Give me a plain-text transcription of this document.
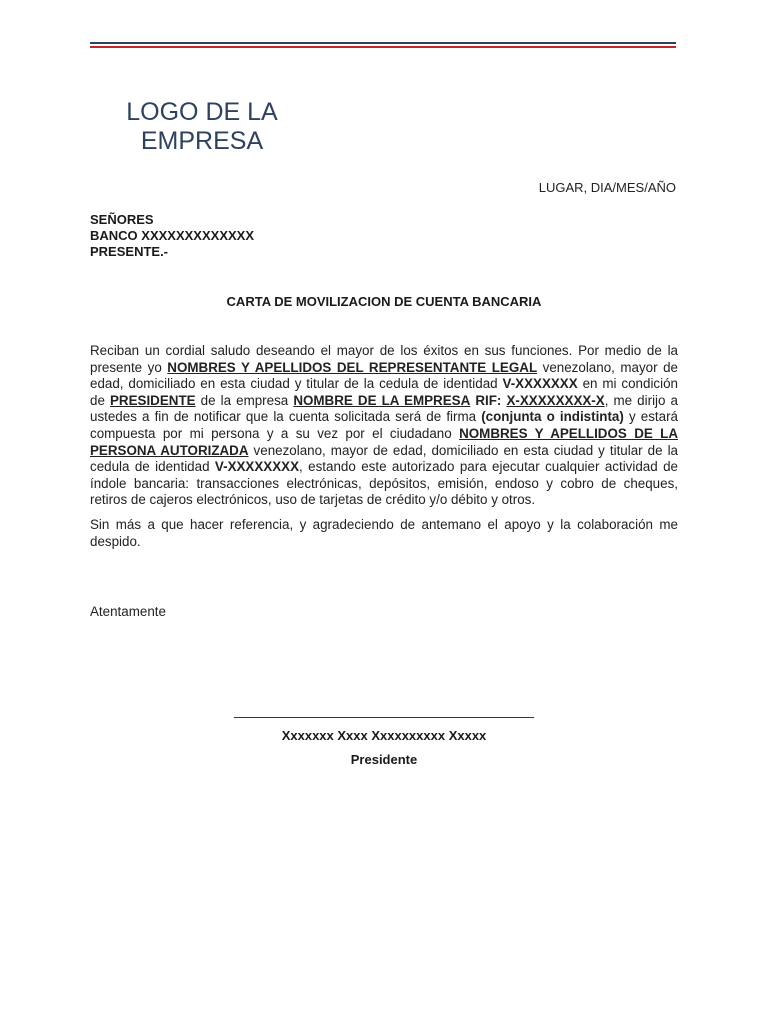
LOGO DE LA
EMPRESA
LUGAR, DIA/MES/AÑO
SEÑORES
BANCO XXXXXXXXXXXXX
PRESENTE.-
CARTA DE MOVILIZACION DE CUENTA BANCARIA

Reciban un cordial saludo deseando el mayor de los éxitos en sus funciones. Por medio de la presente yo NOMBRES Y APELLIDOS DEL REPRESENTANTE LEGAL venezolano, mayor de edad, domiciliado en esta ciudad y titular de la cedula de identidad V-XXXXXXX en mi condición de PRESIDENTE de la empresa NOMBRE DE LA EMPRESA RIF: X-XXXXXXXX-X, me dirijo a ustedes a fin de notificar que la cuenta solicitada será de firma (conjunta o indistinta) y estará compuesta por mi persona y a su vez por el ciudadano NOMBRES Y APELLIDOS DE LA PERSONA AUTORIZADA venezolano, mayor de edad, domiciliado en esta ciudad y titular de la cedula de identidad V-XXXXXXXX, estando este autorizado para ejecutar cualquier actividad de índole bancaria: transacciones electrónicas, depósitos, emisión, endoso y cobro de cheques, retiros de cajeros electrónicos, uso de tarjetas de crédito y/o débito y otros.

Sin más a que hacer referencia, y agradeciendo de antemano el apoyo y la colaboración me despido.

Atentamente
Xxxxxxx Xxxx Xxxxxxxxxx Xxxxx
Presidente
